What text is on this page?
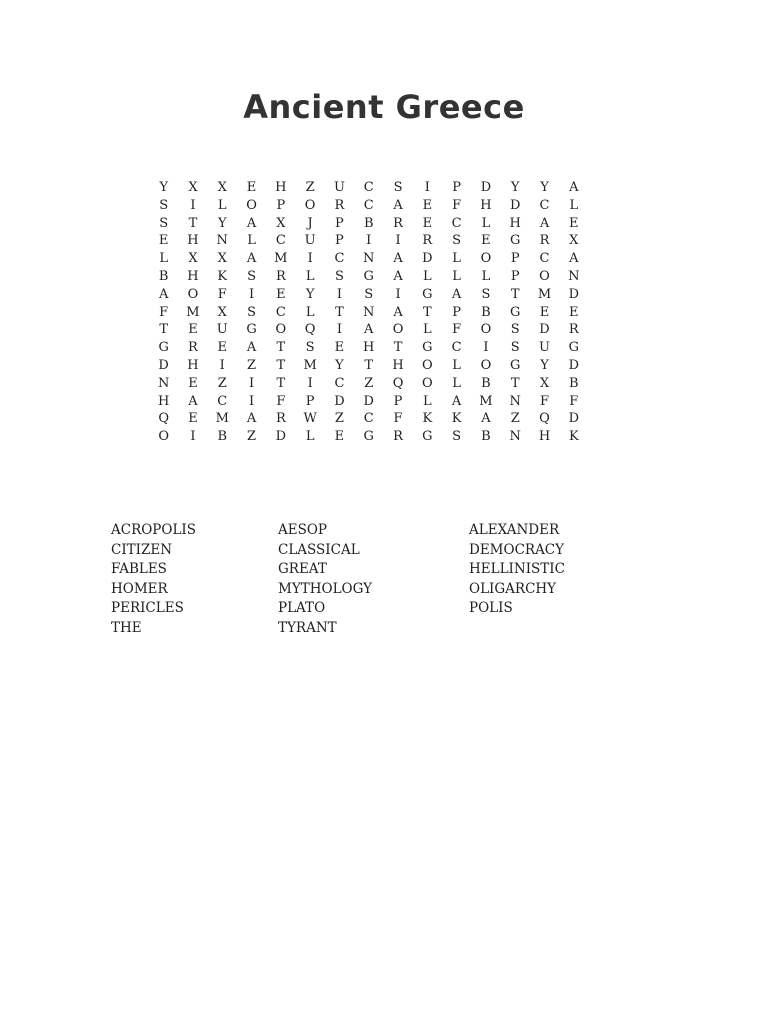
Ancient Greece
Y	X	X	E	H	Z	U	C	S	I	P	D	Y	Y	A
S	I	L	O	P	O	R	C	A	E	F	H	D	C	L
S	T	Y	A	X	J	P	B	R	E	C	L	H	A	E
E	H	N	L	C	U	P	I	I	R	S	E	G	R	X
L	X	X	A	M	I	C	N	A	D	L	O	P	C	A
B	H	K	S	R	L	S	G	A	L	L	L	P	O	N
A	O	F	I	E	Y	I	S	I	G	A	S	T	M	D
F	M	X	S	C	L	T	N	A	T	P	B	G	E	E
T	E	U	G	O	Q	I	A	O	L	F	O	S	D	R
G	R	E	A	T	S	E	H	T	G	C	I	S	U	G
D	H	I	Z	T	M	Y	T	H	O	L	O	G	Y	D
N	E	Z	I	T	I	C	Z	Q	O	L	B	T	X	B
H	A	C	I	F	P	D	D	P	L	A	M	N	F	F
Q	E	M	A	R	W	Z	C	F	K	K	A	Z	Q	D
O	I	B	Z	D	L	E	G	R	G	S	B	N	H	K
ACROPOLIS	AESOP	ALEXANDER
CITIZEN	CLASSICAL	DEMOCRACY
FABLES	GREAT	HELLINISTIC
HOMER	MYTHOLOGY	OLIGARCHY
PERICLES	PLATO	POLIS
THE	TYRANT
